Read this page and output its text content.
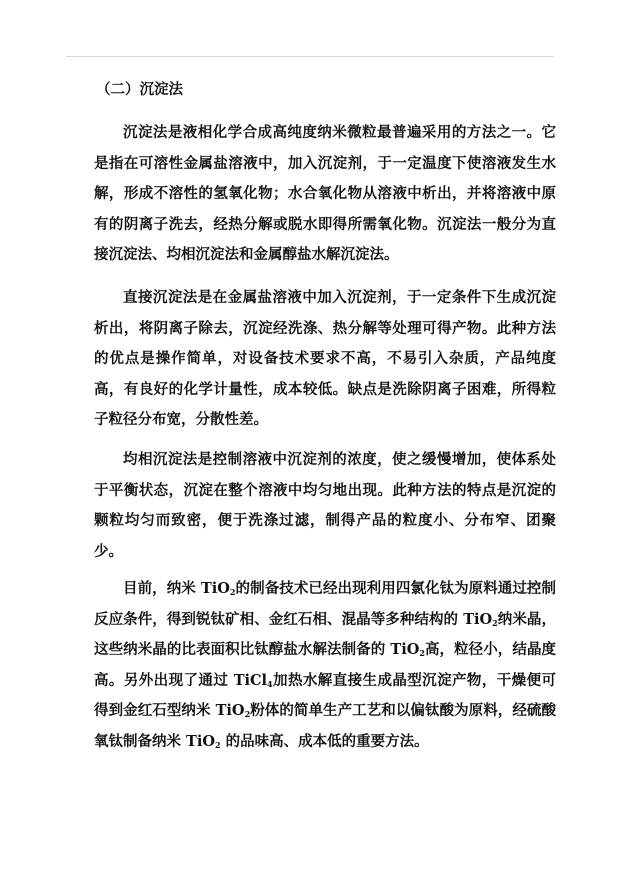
（二）沉淀法

沉淀法是液相化学合成高纯度纳米微粒最普遍采用的方法之一。它是指在可溶性金属盐溶液中，加入沉淀剂，于一定温度下使溶液发生水解，形成不溶性的氢氧化物；水合氧化物从溶液中析出，并将溶液中原有的阴离子洗去，经热分解或脱水即得所需氧化物。沉淀法一般分为直接沉淀法、均相沉淀法和金属醇盐水解沉淀法。

直接沉淀法是在金属盐溶液中加入沉淀剂，于一定条件下生成沉淀析出，将阴离子除去，沉淀经洗涤、热分解等处理可得产物。此种方法的优点是操作简单，对设备技术要求不高，不易引入杂质，产品纯度高，有良好的化学计量性，成本较低。缺点是洗除阴离子困难，所得粒子粒径分布宽，分散性差。

均相沉淀法是控制溶液中沉淀剂的浓度，使之缓慢增加，使体系处于平衡状态，沉淀在整个溶液中均匀地出现。此种方法的特点是沉淀的颗粒均匀而致密，便于洗涤过滤，制得产品的粒度小、分布窄、团聚少。

目前，纳米 TiO$_2$的制备技术已经出现利用四氯化钛为原料通过控制反应条件，得到锐钛矿相、金红石相、混晶等多种结构的 TiO$_2$纳米晶，这些纳米晶的比表面积比钛醇盐水解法制备的 TiO$_2$高，粒径小，结晶度高。另外出现了通过 TiCl$_4$加热水解直接生成晶型沉淀产物，干燥便可得到金红石型纳米 TiO$_2$粉体的简单生产工艺和以偏钛酸为原料，经硫酸氧钛制备纳米 TiO$_2$ 的品味高、成本低的重要方法。
